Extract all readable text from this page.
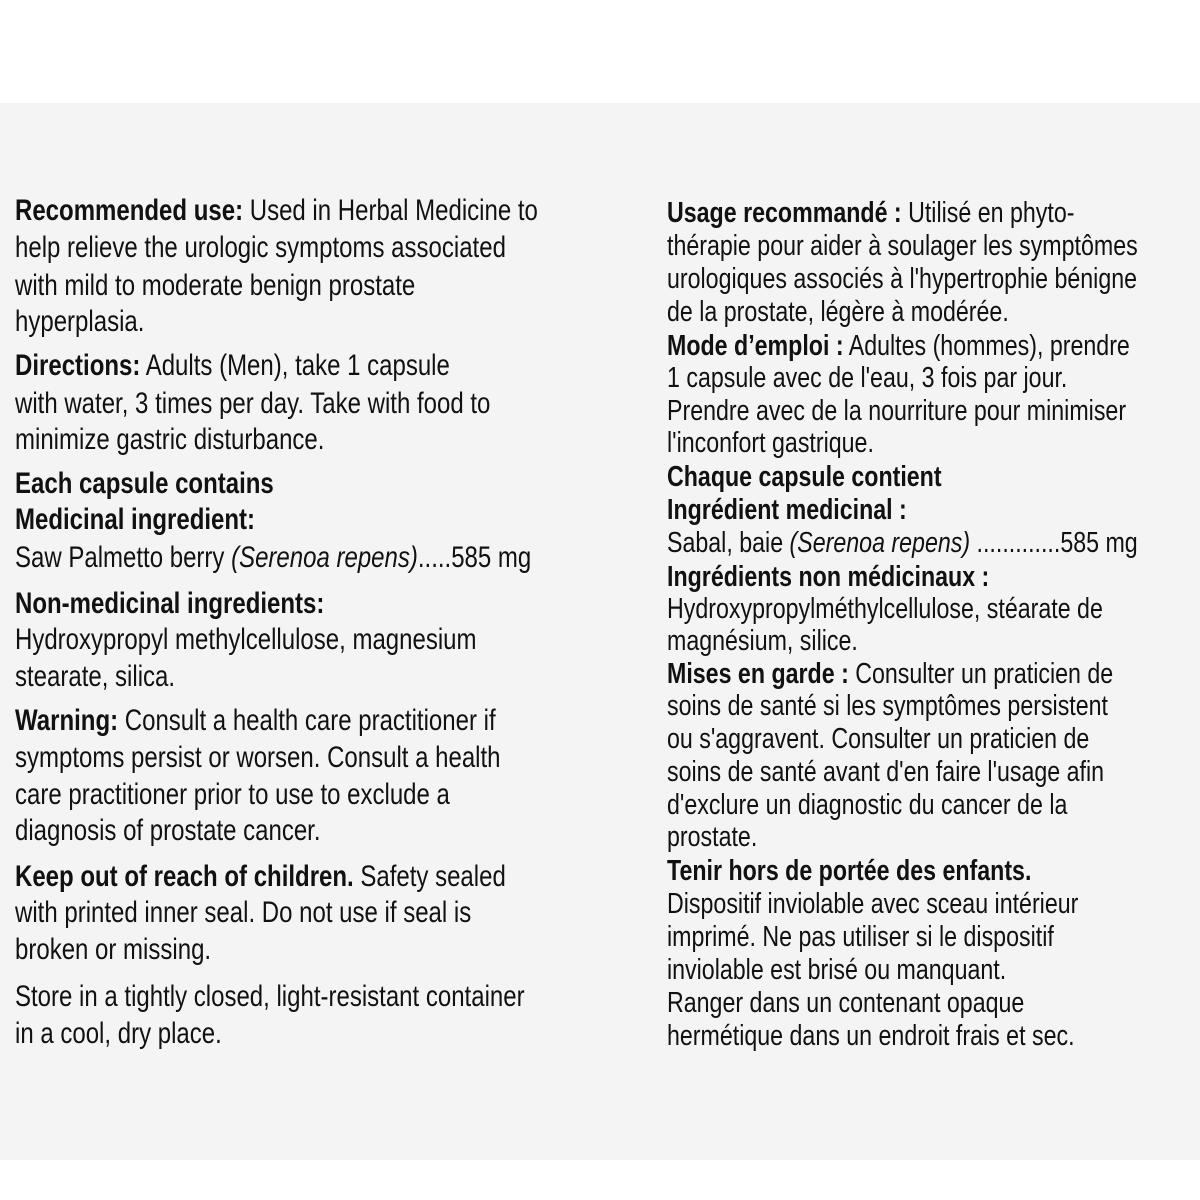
Recommended use: Used in Herbal Medicine to
help relieve the urologic symptoms associated
with mild to moderate benign prostate
hyperplasia.
Directions: Adults (Men), take 1 capsule
with water, 3 times per day. Take with food to
minimize gastric disturbance.
Each capsule contains
Medicinal ingredient:
Saw Palmetto berry (Serenoa repens).....585 mg
Non-medicinal ingredients:
Hydroxypropyl methylcellulose, magnesium
stearate, silica.
Warning: Consult a health care practitioner if
symptoms persist or worsen. Consult a health
care practitioner prior to use to exclude a
diagnosis of prostate cancer.
Keep out of reach of children. Safety sealed
with printed inner seal. Do not use if seal is
broken or missing.
Store in a tightly closed, light-resistant container
in a cool, dry place.
Usage recommandé : Utilisé en phyto-
thérapie pour aider à soulager les symptômes
urologiques associés à l'hypertrophie bénigne
de la prostate, légère à modérée.
Mode d’emploi : Adultes (hommes), prendre
1 capsule avec de l'eau, 3 fois par jour.
Prendre avec de la nourriture pour minimiser
l'inconfort gastrique.
Chaque capsule contient
Ingrédient medicinal :
Sabal, baie (Serenoa repens) .............585 mg
Ingrédients non médicinaux :
Hydroxypropylméthylcellulose, stéarate de
magnésium, silice.
Mises en garde : Consulter un praticien de
soins de santé si les symptômes persistent
ou s'aggravent. Consulter un praticien de
soins de santé avant d'en faire l'usage afin
d'exclure un diagnostic du cancer de la
prostate.
Tenir hors de portée des enfants.
Dispositif inviolable avec sceau intérieur
imprimé. Ne pas utiliser si le dispositif
inviolable est brisé ou manquant.
Ranger dans un contenant opaque
hermétique dans un endroit frais et sec.
